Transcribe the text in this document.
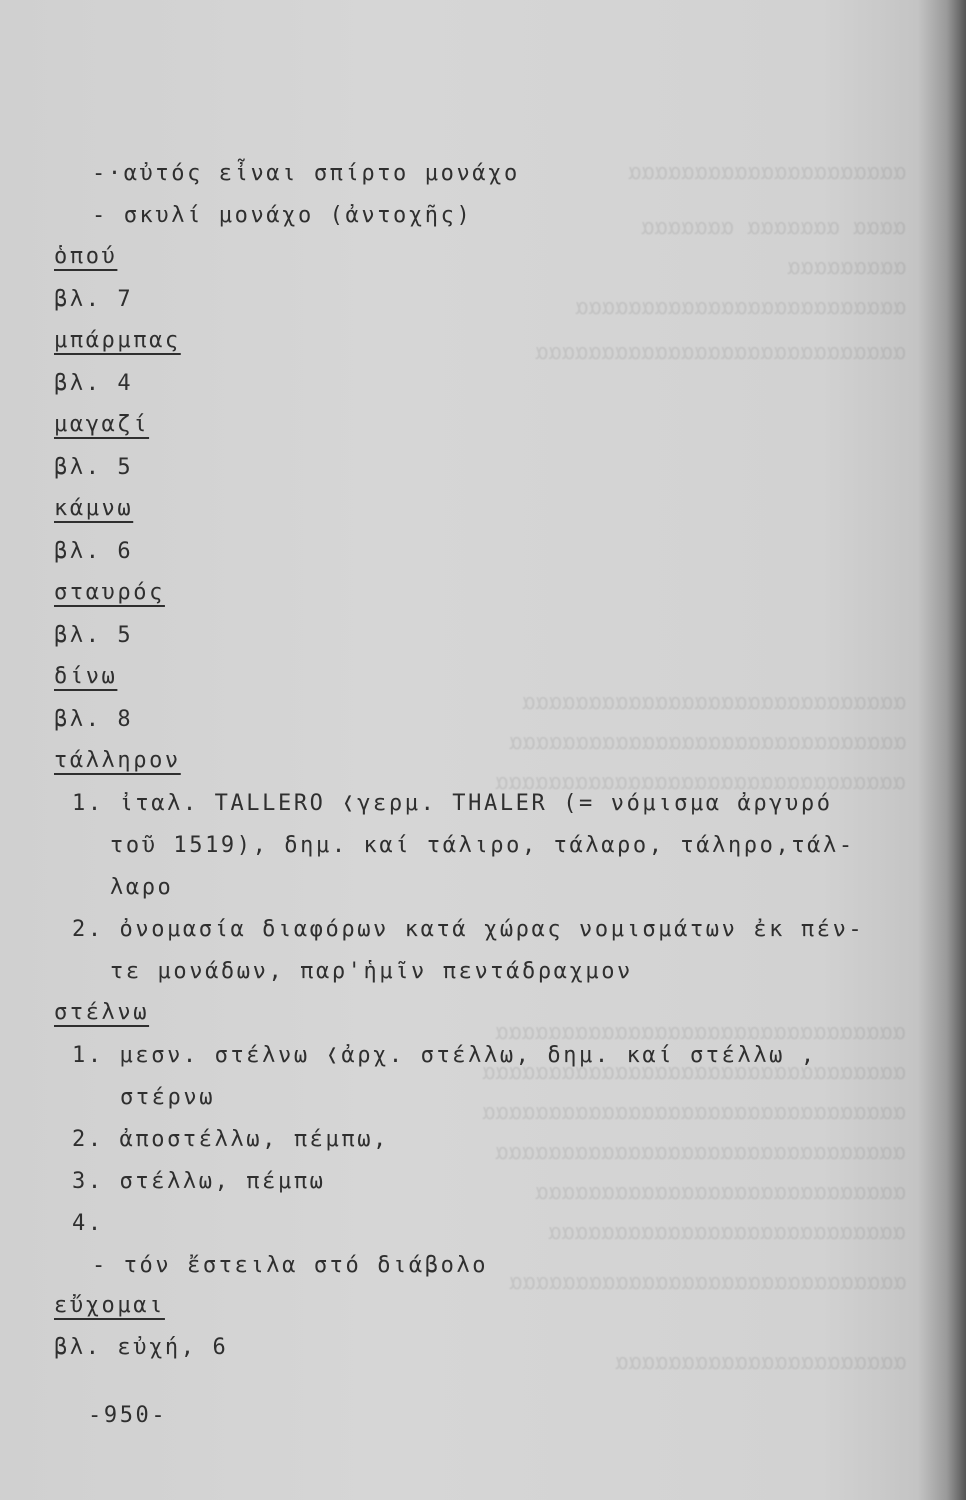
ααααααααααααααααααααα
αααα ααααααα ααααααα
ααααααααα
ααααααααααααααααααααααααα
αααααααααααααααααααααααααααα
ααααααααααααααααααααααααααααα
αααααααααααααααααααααααααααααα
ααααααααααααααααααααααααααααααα
ααααααααααααααααααααααααααααααα
αααααααααααααααααααααααααααααααα
αααααααααααααααααααααααααααααααα
ααααααααααααααααααααααααααααααα
αααααααααααααααααααααααααααα
ααααααααααααααααααααααααααα
αααααααααααααααααααααααααααααα
αααααααααααααααααααααα
-·αὐτός εἶναι σπίρτο μονάχο
- σκυλί μονάχο (ἀντοχῆς)
ὁπού
βλ. 7
μπάρμπας
βλ. 4
μαγαζί
βλ. 5
κάμνω
βλ. 6
σταυρός
βλ. 5
δίνω
βλ. 8
τάλληρον
1. ἰταλ. TALLERO ❬γερμ. THALER (= νόμισμα ἀργυρό
τοῦ 1519), δημ. καί τάλιρο, τάλαρο, τάληρο,τάλ-
λαρο
2. ὀνομασία διαφόρων κατά χώρας νομισμάτων ἐκ πέν-
τε μονάδων, παρ'ἡμῖν πεντάδραχμον
στέλνω
1. μεσν. στέλνω ❬ἀρχ. στέλλω, δημ. καί στέλλω ,
στέρνω
2. ἀποστέλλω, πέμπω,
3. στέλλω, πέμπω
4.
- τόν ἔστειλα στό διάβολο
εὔχομαι
βλ. εὐχή, 6
-950-
